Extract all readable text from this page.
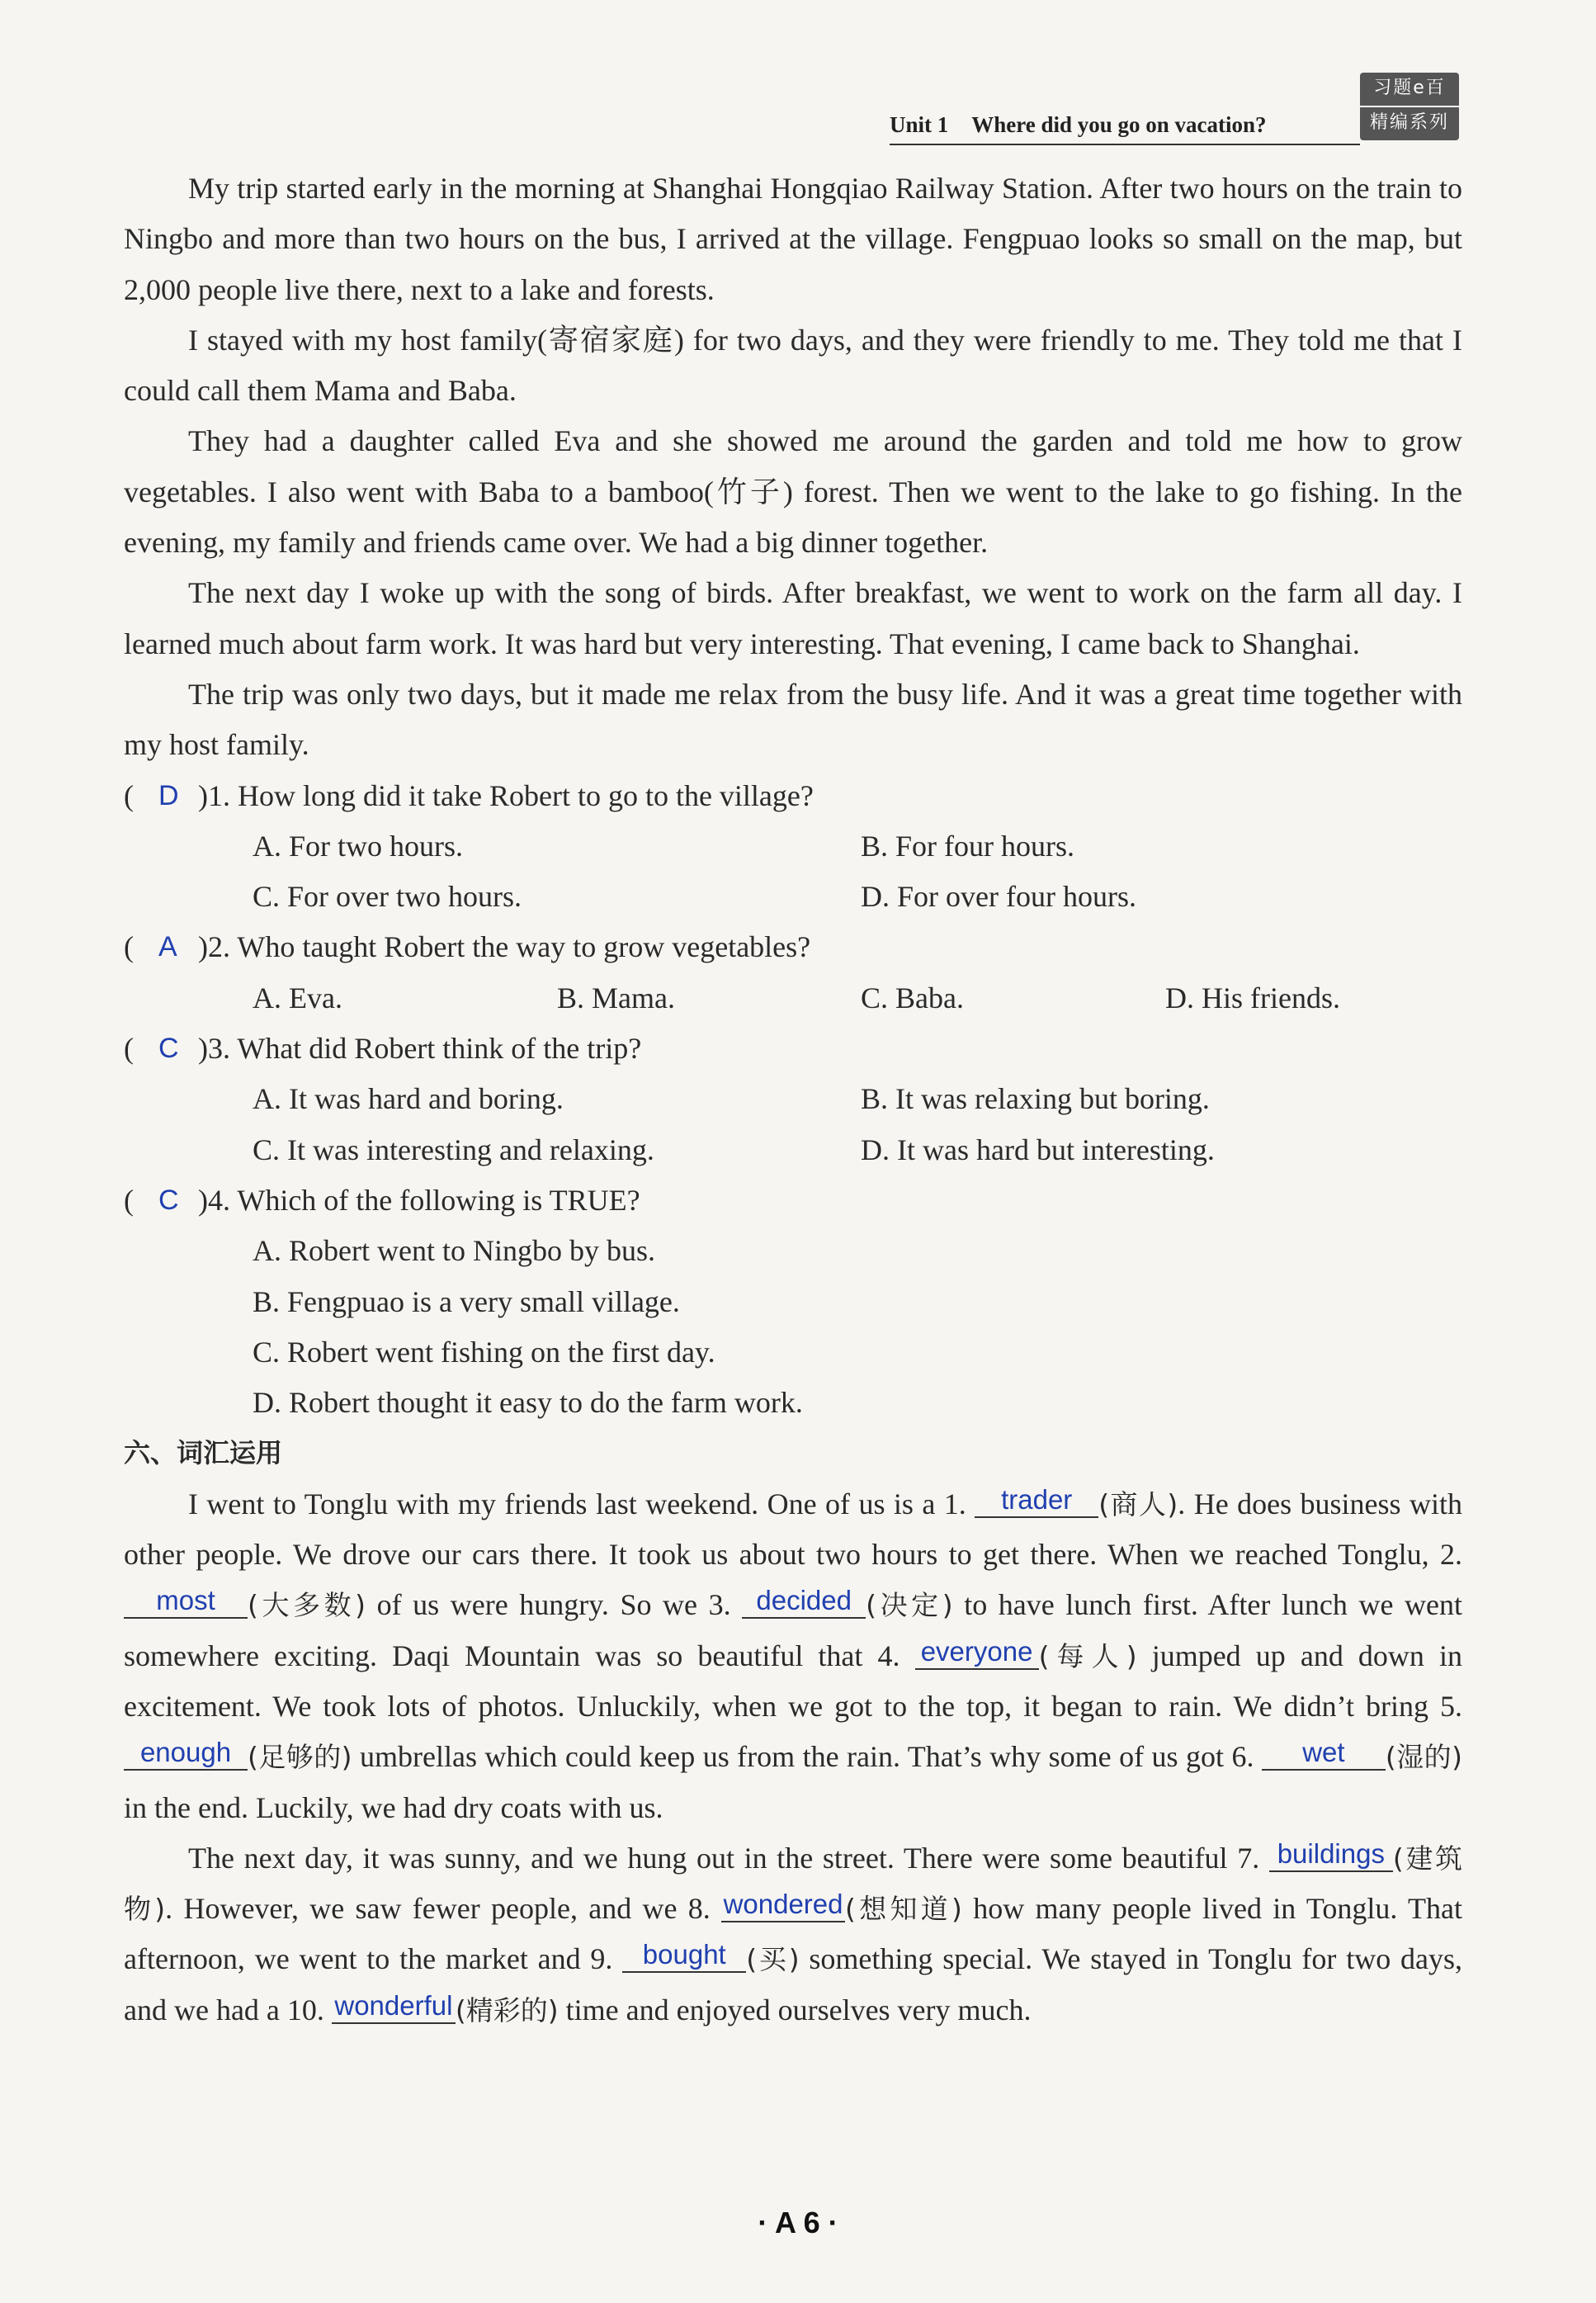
Unit 1 Where did you go on vacation?
习题e百
精编系列

My trip started early in the morning at Shanghai Hongqiao Railway Station. After two hours on the train to Ningbo and more than two hours on the bus, I arrived at the village. Fengpuao looks so small on the map, but 2,000 people live there, next to a lake and forests.

I stayed with my host family(寄宿家庭) for two days, and they were friendly to me. They told me that I could call them Mama and Baba.

They had a daughter called Eva and she showed me around the garden and told me how to grow vegetables. I also went with Baba to a bamboo(竹子) forest. Then we went to the lake to go fishing. In the evening, my family and friends came over. We had a big dinner together.

The next day I woke up with the song of birds. After breakfast, we went to work on the farm all day. I learned much about farm work. It was hard but very interesting. That evening, I came back to Shanghai.

The trip was only two days, but it made me relax from the busy life. And it was a great time together with my host family.

( D )1. How long did it take Robert to go to the village?
A. For two hours.	B. For four hours.
C. For over two hours.	D. For over four hours.
( A )2. Who taught Robert the way to grow vegetables?
A. Eva.	B. Mama.	C. Baba.	D. His friends.
( C )3. What did Robert think of the trip?
A. It was hard and boring.	B. It was relaxing but boring.
C. It was interesting and relaxing.	D. It was hard but interesting.
( C )4. Which of the following is TRUE?
A. Robert went to Ningbo by bus.
B. Fengpuao is a very small village.
C. Robert went fishing on the first day.
D. Robert thought it easy to do the farm work.
六、词汇运用

I went to Tonglu with my friends last weekend. One of us is a 1. trader (商人). He does business with other people. We drove our cars there. It took us about two hours to get there. When we reached Tonglu, 2. most (大多数) of us were hungry. So we 3. decided (决定) to have lunch first. After lunch we went somewhere exciting. Daqi Mountain was so beautiful that 4. everyone (每人) jumped up and down in excitement. We took lots of photos. Unluckily, when we got to the top, it began to rain. We didn’t bring 5. enough (足够的) umbrellas which could keep us from the rain. That’s why some of us got 6. wet (湿的) in the end. Luckily, we had dry coats with us.

The next day, it was sunny, and we hung out in the street. There were some beautiful 7. buildings (建筑物). However, we saw fewer people, and we 8. wondered(想知道) how many people lived in Tonglu. That afternoon, we went to the market and 9. bought (买) something special. We stayed in Tonglu for two days, and we had a 10. wonderful (精彩的) time and enjoyed ourselves very much.

· A 6 ·
